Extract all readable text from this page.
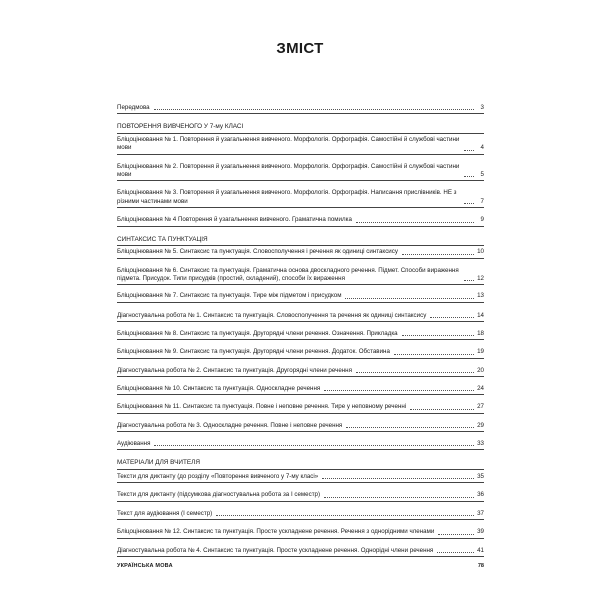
ЗМІСТ
Передмова	3
ПОВТОРЕННЯ ВИВЧЕНОГО У 7-му КЛАСІ
Бліцоцінювання № 1. Повторення й узагальнення вивченого. Морфологія. Орфографія. Самостійні й службові частини мови	4
Бліцоцінювання № 2. Повторення й узагальнення вивченого. Морфологія. Орфографія. Самостійні й службові частини мови	5
Бліцоцінювання № 3. Повторення й узагальнення вивченого. Морфологія. Орфографія. Написання прислівників. НЕ з різними частинами мови	7
Бліцоцінювання № 4 Повторення й узагальнення вивченого. Граматична помилка	9
СИНТАКСИС ТА ПУНКТУАЦІЯ
Бліцоцінювання № 5. Синтаксис та пунктуація. Словосполучення і речення як одиниці синтаксису	10
Бліцоцінювання № 6. Синтаксис та пунктуація. Граматична основа двоскладного речення. Підмет. Способи вираження підмета. Присудок. Типи присудків (простий, складений), способи їх вираження	12
Бліцоцінювання № 7. Синтаксис та пунктуація. Тире між підметом і присудком	13
Діагностувальна робота № 1. Синтаксис та пунктуація. Словосполучення та речення як одиниці синтаксису	14
Бліцоцінювання № 8. Синтаксис та пунктуація. Другорядні члени речення. Означення. Прикладка	18
Бліцоцінювання № 9. Синтаксис та пунктуація. Другорядні члени речення. Додаток. Обставина	19
Діагностувальна робота № 2. Синтаксис та пунктуація. Другорядні члени речення	20
Бліцоцінювання № 10. Синтаксис та пунктуація. Односкладне речення	24
Бліцоцінювання № 11. Синтаксис та пунктуація. Повне і неповне речення. Тире у неповному реченні	27
Діагностувальна робота № 3. Односкладне речення. Повне і неповне речення	29
Аудіювання	33
МАТЕРІАЛИ ДЛЯ ВЧИТЕЛЯ
Тексти для диктанту (до розділу «Повторення вивченого у 7-му класі»	35
Тексти для диктанту (підсумкова діагностувальна робота за І семестр)	36
Текст для аудіювання (І семестр)	37
Бліцоцінювання № 12. Синтаксис та пунктуація. Просте ускладнене речення. Речення з однорідними членами	39
Діагностувальна робота № 4. Синтаксис та пунктуація. Просте ускладнене речення. Однорідні члени речення	41
УКРАЇНСЬКА МОВА	78
